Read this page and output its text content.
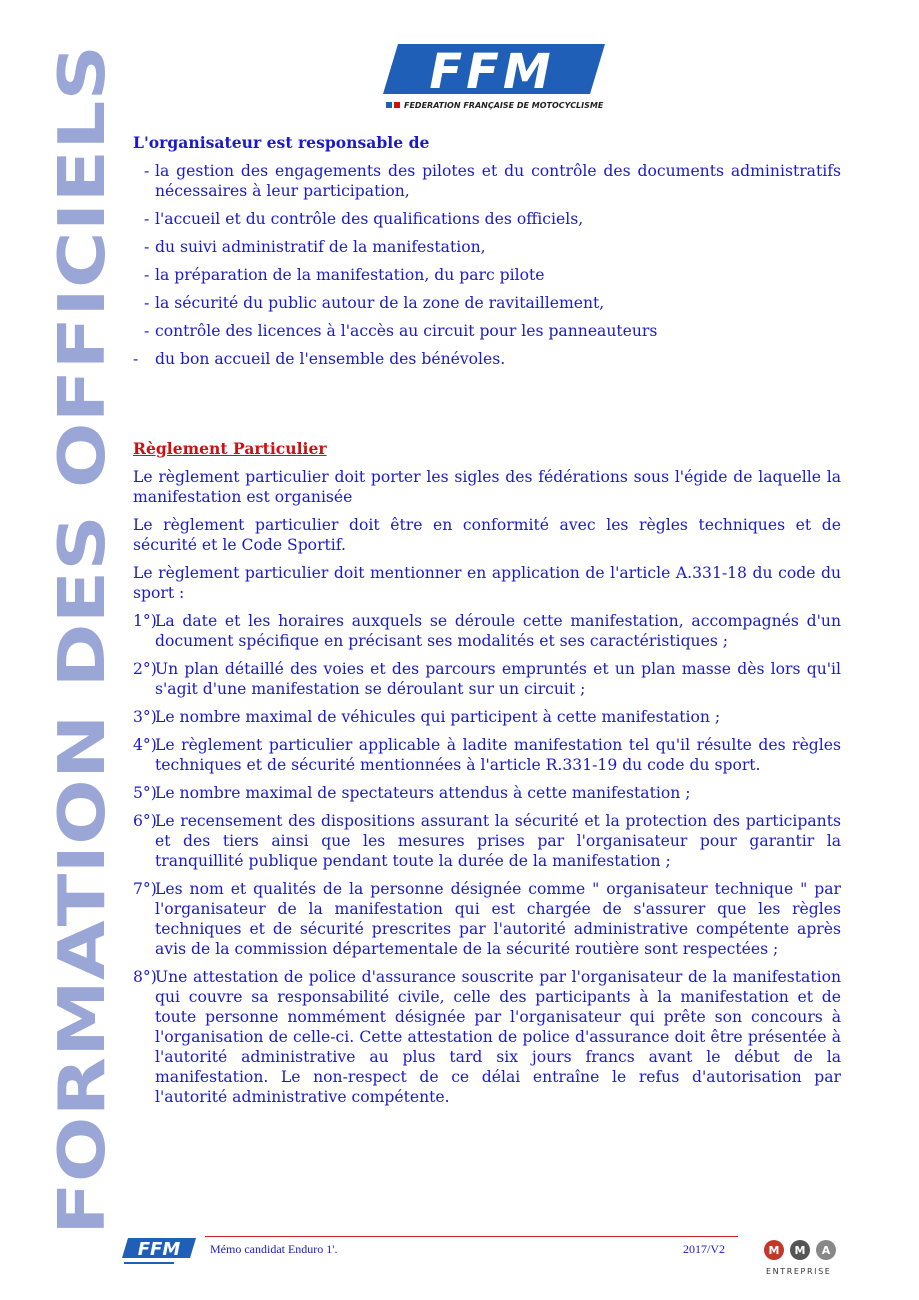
FORMATION DES OFFICIELS
FFM
FEDERATION FRANÇAISE DE MOTOCYCLISME
L'organisateur est responsable de
- la gestion des engagements des pilotes et du contrôle des documents administratifs nécessaires à leur participation,
- l'accueil et du contrôle des qualifications des officiels,
- du suivi administratif de la manifestation,
- la préparation de la manifestation, du parc pilote
- la sécurité du public autour de la zone de ravitaillement,
- contrôle des licences à l'accès au circuit pour les panneauteurs
- du bon accueil de l'ensemble des bénévoles.
Règlement Particulier
Le règlement particulier doit porter les sigles des fédérations sous l'égide de laquelle la manifestation est organisée
Le règlement particulier doit être en conformité avec les règles techniques et de sécurité et le Code Sportif.
Le règlement particulier doit mentionner en application de l'article A.331-18 du code du sport :
1°)
La date et les horaires auxquels se déroule cette manifestation, accompagnés d'un document spécifique en précisant ses modalités et ses caractéristiques ;
2°)
Un plan détaillé des voies et des parcours empruntés et un plan masse dès lors qu'il s'agit d'une manifestation se déroulant sur un circuit ;
3°)
Le nombre maximal de véhicules qui participent à cette manifestation ;
4°)
Le règlement particulier applicable à ladite manifestation tel qu'il résulte des règles techniques et de sécurité mentionnées à l'article R.331-19 du code du sport.
5°)
Le nombre maximal de spectateurs attendus à cette manifestation ;
6°)
Le recensement des dispositions assurant la sécurité et la protection des participants et des tiers ainsi que les mesures prises par l'organisateur pour garantir la tranquillité publique pendant toute la durée de la manifestation ;
7°)
Les nom et qualités de la personne désignée comme " organisateur technique " par l'organisateur de la manifestation qui est chargée de s'assurer que les règles techniques et de sécurité prescrites par l'autorité administrative compétente après avis de la commission départementale de la sécurité routière sont respectées ;
8°)
Une attestation de police d'assurance souscrite par l'organisateur de la manifestation qui couvre sa responsabilité civile, celle des participants à la manifestation et de toute personne nommément désignée par l'organisateur qui prête son concours à l'organisation de celle-ci. Cette attestation de police d'assurance doit être présentée à l'autorité administrative au plus tard six jours francs avant le début de la manifestation. Le non-respect de ce délai entraîne le refus d'autorisation par l'autorité administrative compétente.
FFM Mémo candidat Enduro 1'.	2017/V2	M M A
ENTREPRISE
